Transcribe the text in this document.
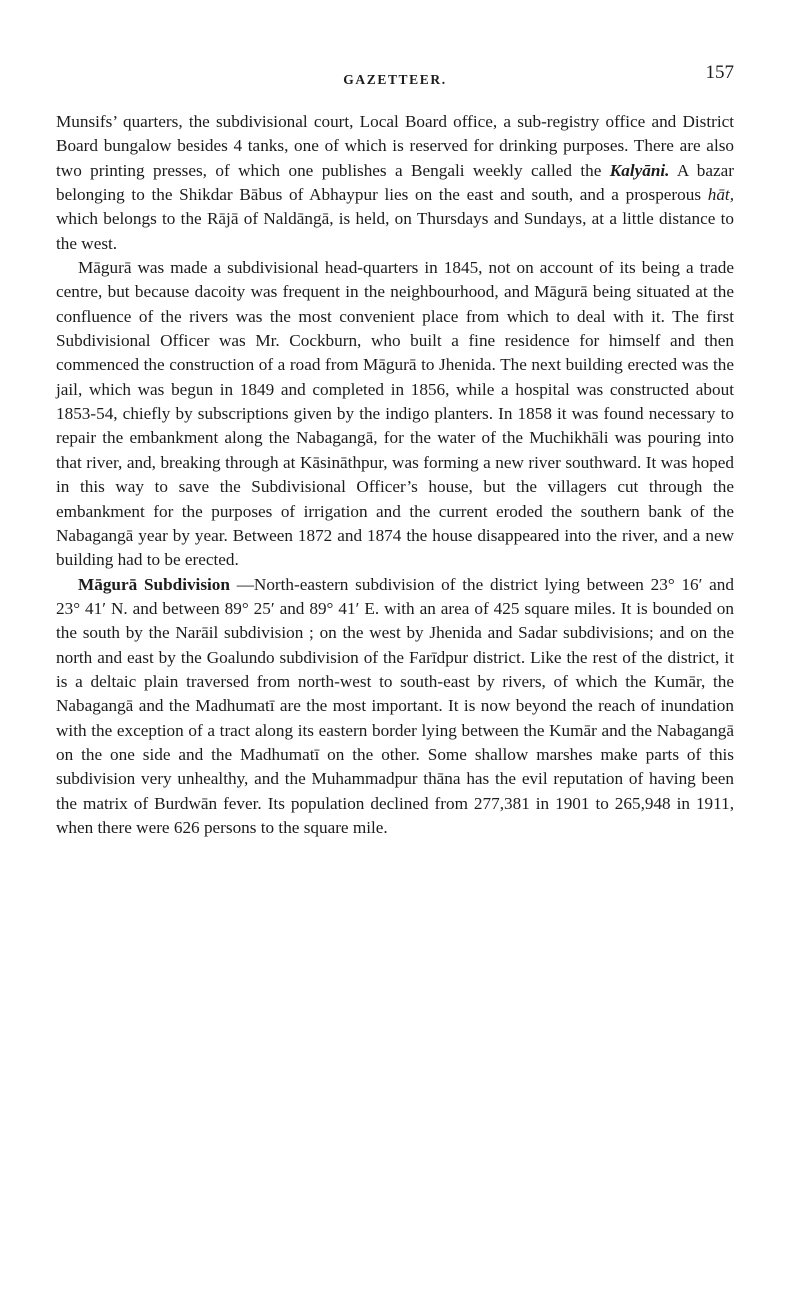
GAZETTEER.	157

Munsifs’ quarters, the subdivisional court, Local Board office, a sub-registry office and District Board bungalow besides 4 tanks, one of which is reserved for drinking purposes. There are also two printing presses, of which one publishes a Bengali weekly called the Kalyāni. A bazar belonging to the Shikdar Bābus of Abhaypur lies on the east and south, and a prosperous hāt, which belongs to the Rājā of Naldāngā, is held, on Thursdays and Sundays, at a little distance to the west.

Māgurā was made a subdivisional head-quarters in 1845, not on account of its being a trade centre, but because dacoity was frequent in the neighbourhood, and Māgurā being situated at the confluence of the rivers was the most convenient place from which to deal with it. The first Subdivisional Officer was Mr. Cockburn, who built a fine residence for himself and then commenced the construction of a road from Māgurā to Jhenida. The next building erected was the jail, which was begun in 1849 and completed in 1856, while a hospital was constructed about 1853-54, chiefly by subscriptions given by the indigo planters. In 1858 it was found necessary to repair the embankment along the Nabagangā, for the water of the Muchikhāli was pouring into that river, and, breaking through at Kāsināthpur, was forming a new river southward. It was hoped in this way to save the Subdivisional Officer’s house, but the villagers cut through the embankment for the purposes of irrigation and the current eroded the southern bank of the Nabagangā year by year. Between 1872 and 1874 the house disappeared into the river, and a new building had to be erected.

Māgurā Subdivision —North-eastern subdivision of the district lying between 23° 16′ and 23° 41′ N. and between 89° 25′ and 89° 41′ E. with an area of 425 square miles. It is bounded on the south by the Narāil subdivision ; on the west by Jhenida and Sadar subdivisions; and on the north and east by the Goalundo subdivision of the Farīdpur district. Like the rest of the district, it is a deltaic plain traversed from north-west to south-east by rivers, of which the Kumār, the Nabagangā and the Madhumatī are the most important. It is now beyond the reach of inundation with the exception of a tract along its eastern border lying between the Kumār and the Nabagangā on the one side and the Madhumatī on the other. Some shallow marshes make parts of this subdivision very unhealthy, and the Muhammadpur thāna has the evil reputation of having been the matrix of Burdwān fever. Its population declined from 277,381 in 1901 to 265,948 in 1911, when there were 626 persons to the square mile.
